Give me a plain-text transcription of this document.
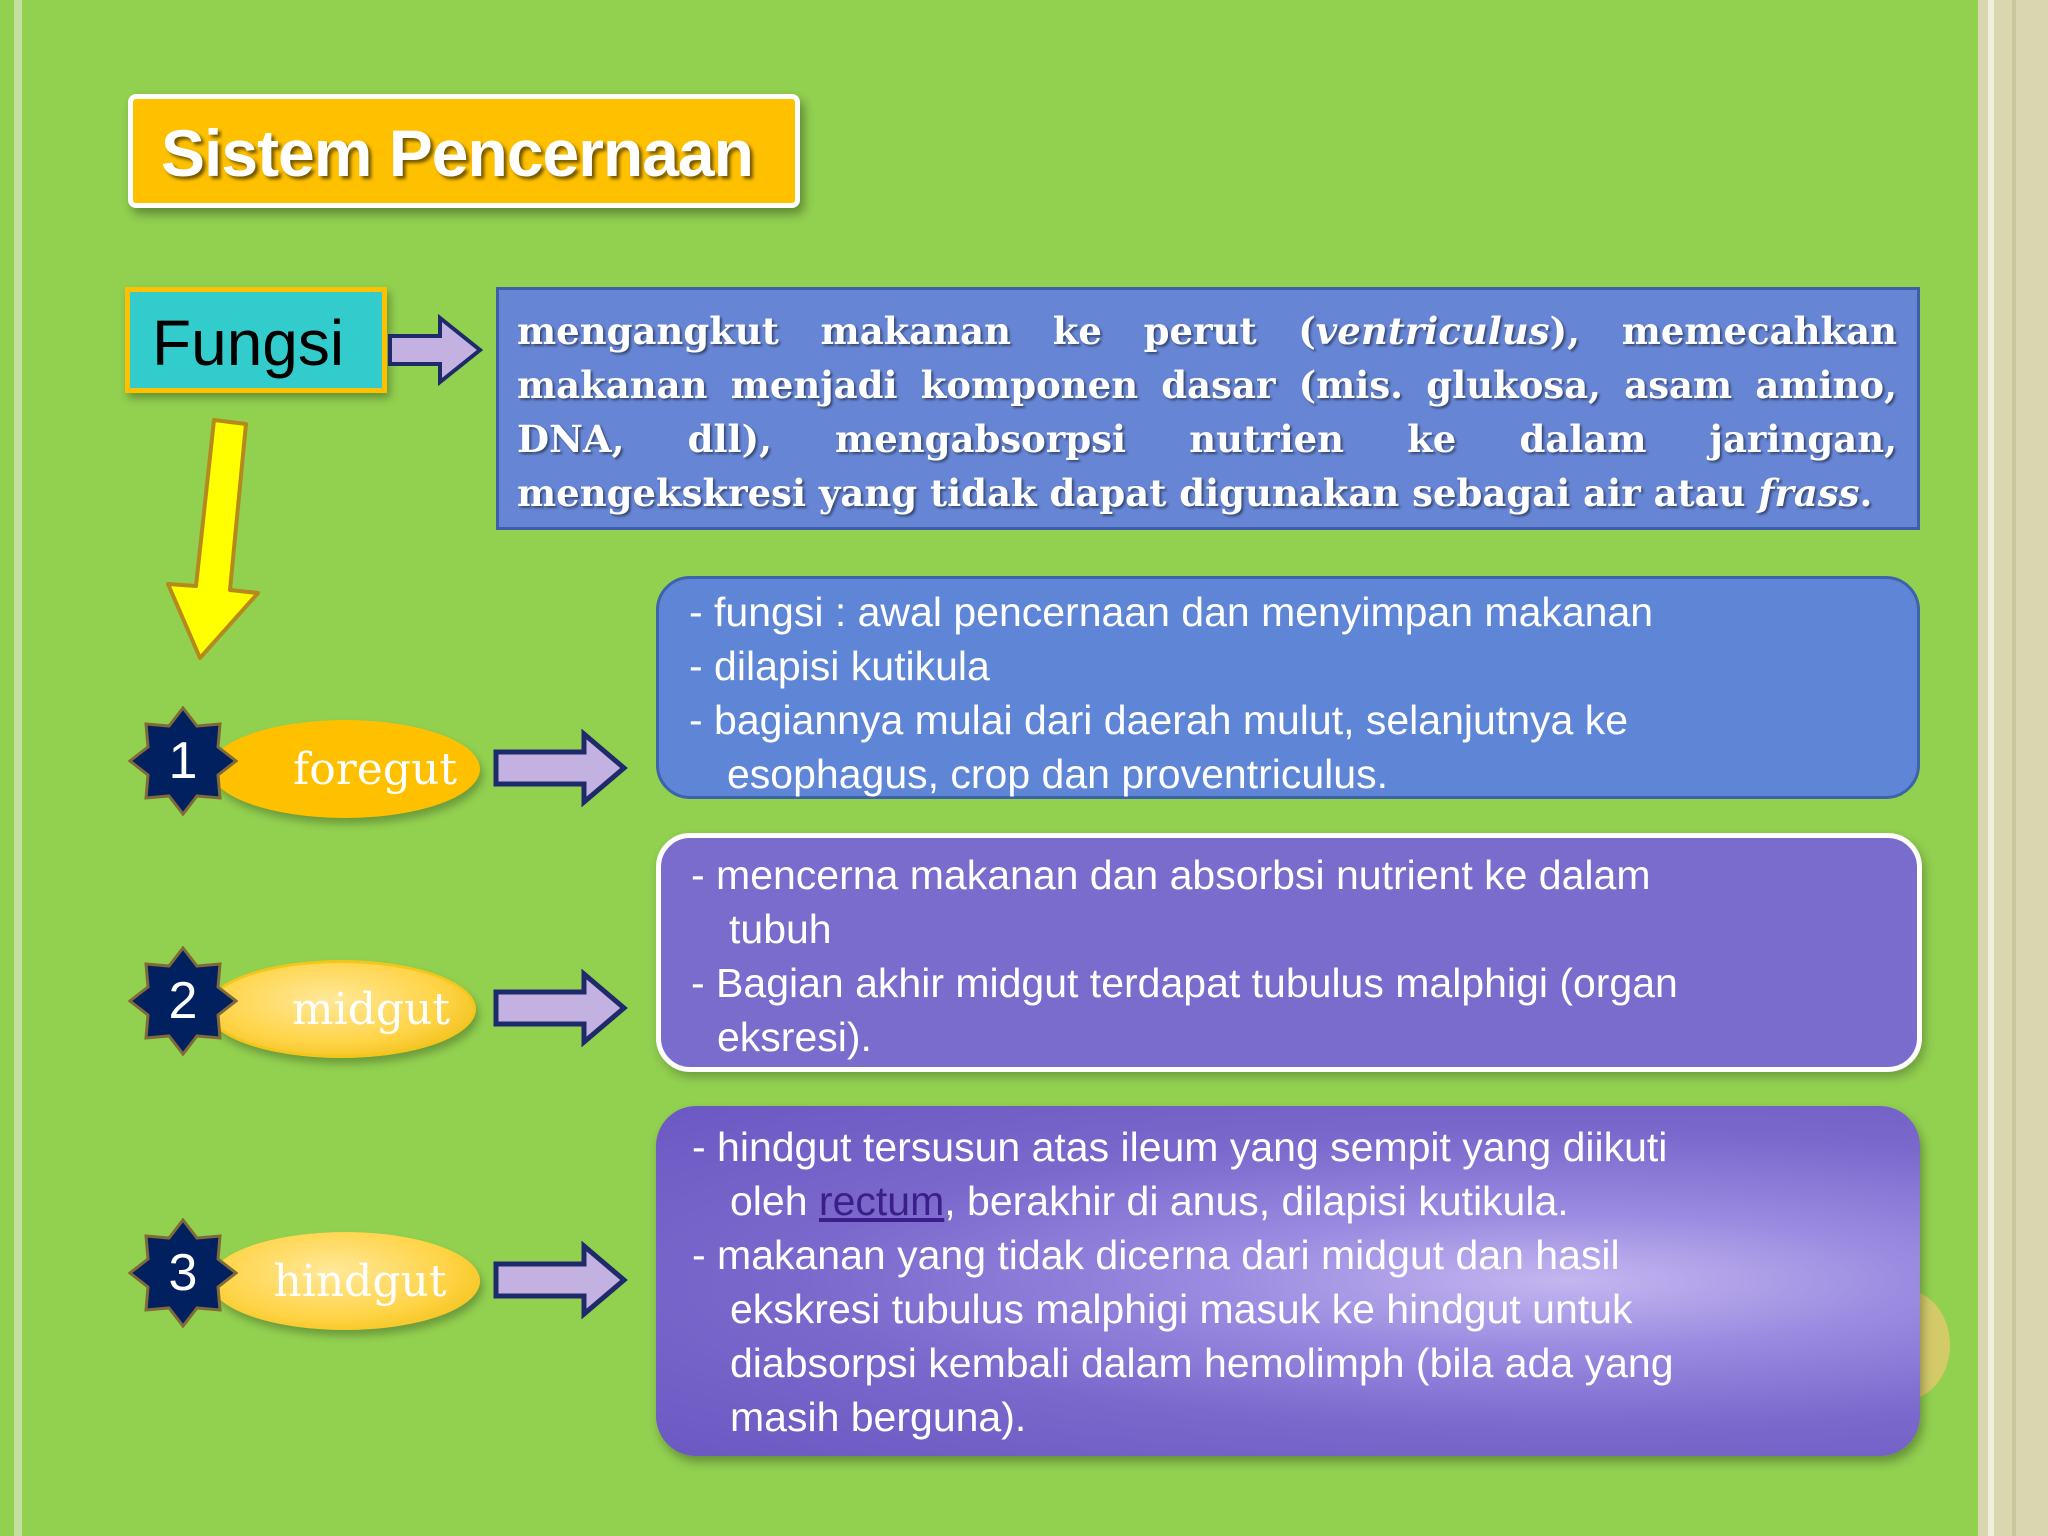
Sistem Pencernaan
Fungsi	mengangkut makanan ke perut (ventriculus), memecahkan makanan menjadi komponen dasar (mis. glukosa, asam amino, DNA, dll), mengabsorpsi nutrien ke dalam jaringan, mengekskresi yang tidak dapat digunakan sebagai air atau frass.
foregut
1
- fungsi : awal pencernaan dan menyimpan makanan
- dilapisi kutikula
- bagiannya mulai dari daerah mulut, selanjutnya ke
esophagus, crop dan proventriculus.
midgut
2
- mencerna makanan dan absorbsi nutrient ke dalam
tubuh
- Bagian akhir midgut terdapat tubulus malphigi (organ
eksresi).
hindgut
3
- hindgut tersusun atas ileum yang sempit yang diikuti
oleh rectum, berakhir di anus, dilapisi kutikula.
- makanan yang tidak dicerna dari midgut dan hasil
ekskresi tubulus malphigi masuk ke hindgut untuk
diabsorpsi kembali dalam hemolimph (bila ada yang
masih berguna).
